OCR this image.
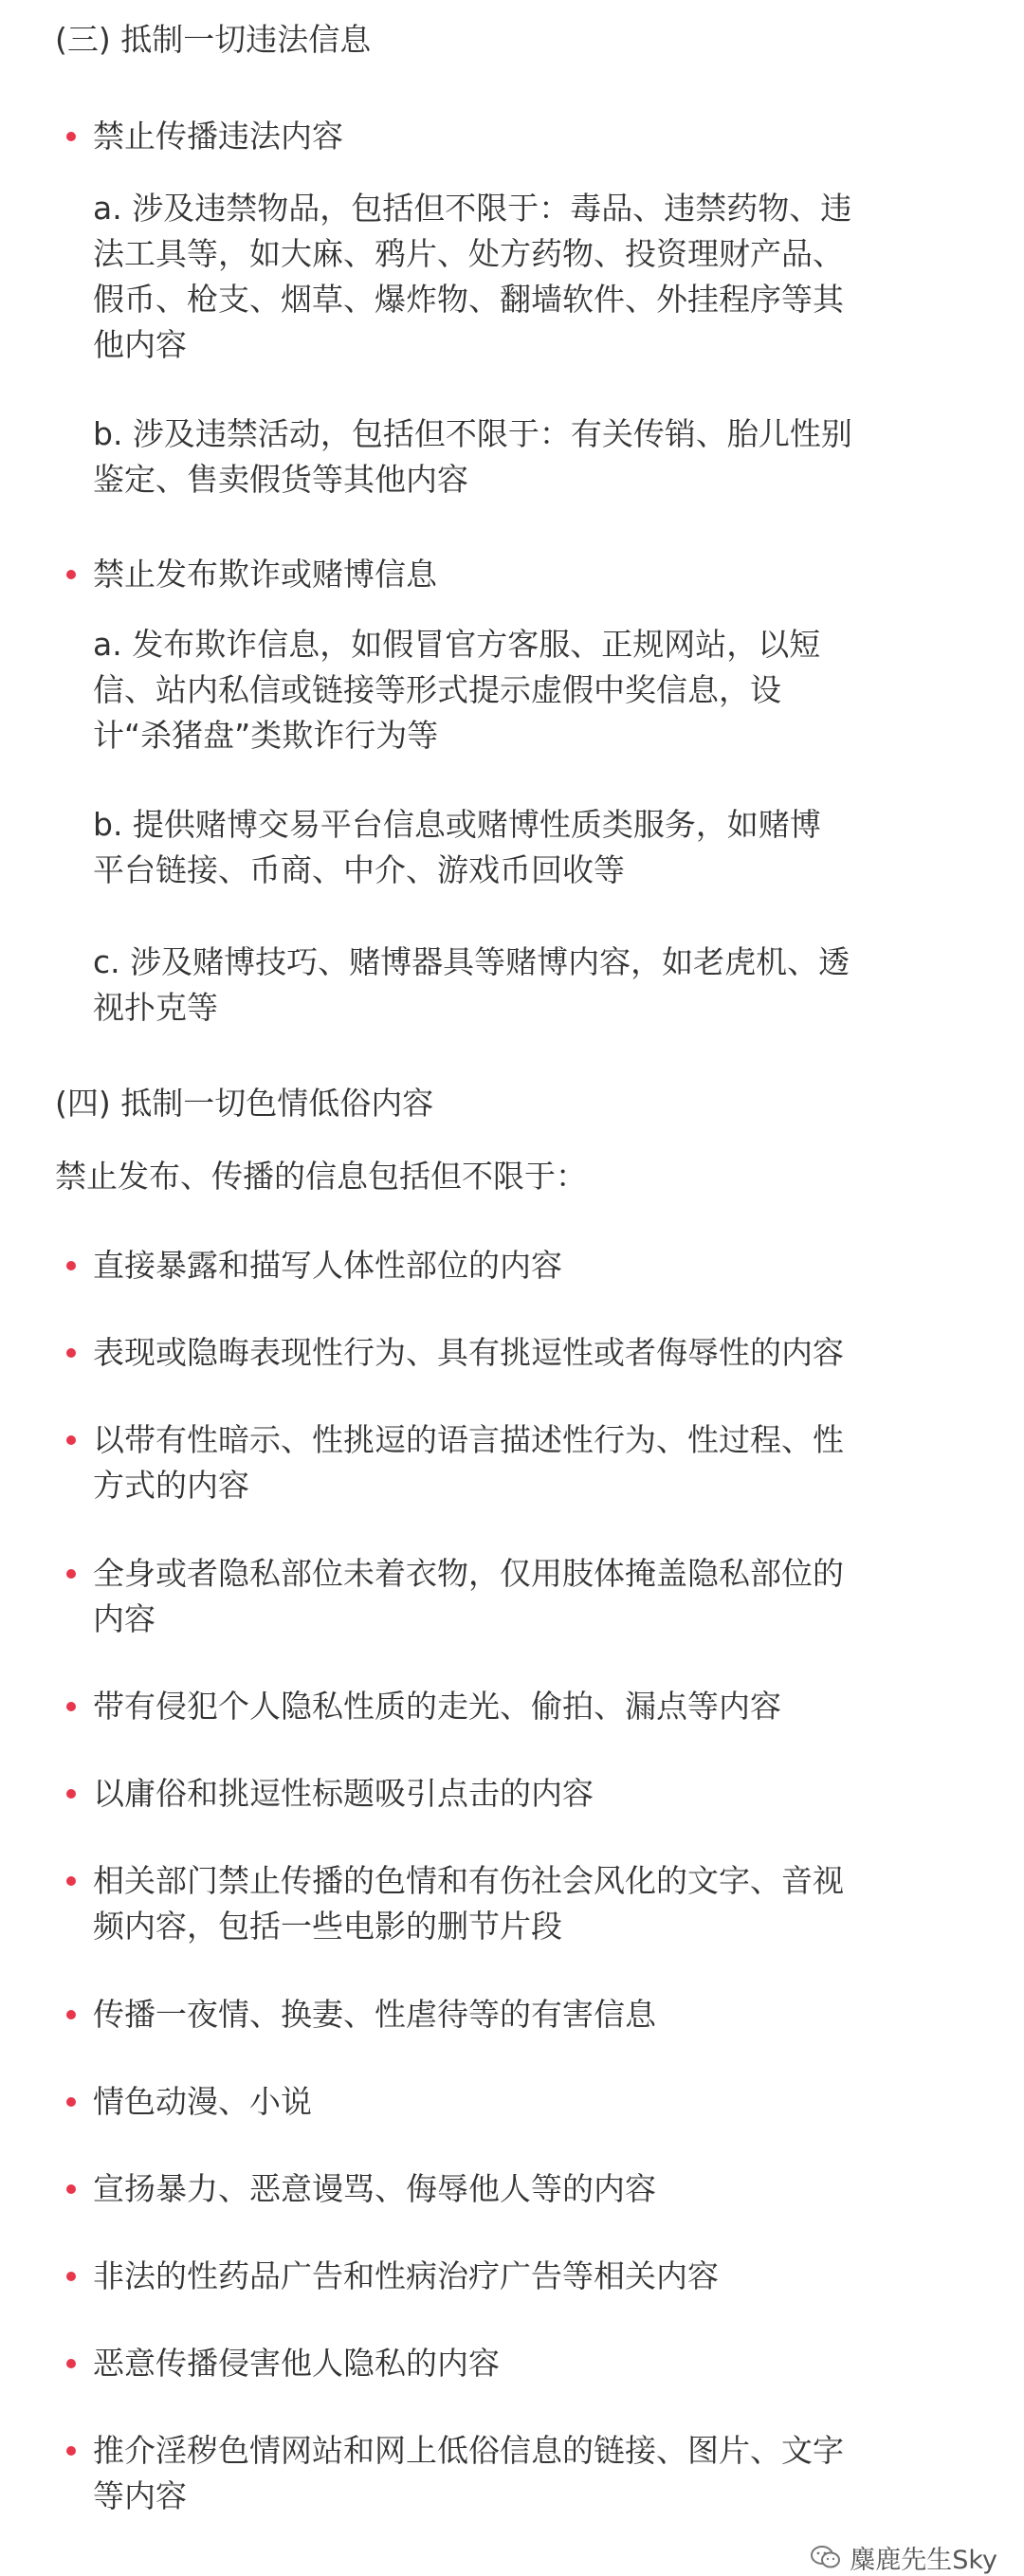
(三) 抵制一切违法信息
禁止传播违法内容
a. 涉及违禁物品，包括但不限于：毒品、违禁药物、违
法工具等，如大麻、鸦片、处方药物、投资理财产品、
假币、枪支、烟草、爆炸物、翻墙软件、外挂程序等其
他内容
b. 涉及违禁活动，包括但不限于：有关传销、胎儿性别
鉴定、售卖假货等其他内容
禁止发布欺诈或赌博信息
a. 发布欺诈信息，如假冒官方客服、正规网站，以短
信、站内私信或链接等形式提示虚假中奖信息，设
计“杀猪盘”类欺诈行为等
b. 提供赌博交易平台信息或赌博性质类服务，如赌博
平台链接、币商、中介、游戏币回收等
c. 涉及赌博技巧、赌博器具等赌博内容，如老虎机、透
视扑克等
(四) 抵制一切色情低俗内容
禁止发布、传播的信息包括但不限于：
直接暴露和描写人体性部位的内容
表现或隐晦表现性行为、具有挑逗性或者侮辱性的内容
以带有性暗示、性挑逗的语言描述性行为、性过程、性
方式的内容
全身或者隐私部位未着衣物，仅用肢体掩盖隐私部位的
内容
带有侵犯个人隐私性质的走光、偷拍、漏点等内容
以庸俗和挑逗性标题吸引点击的内容
相关部门禁止传播的色情和有伤社会风化的文字、音视
频内容，包括一些电影的删节片段
传播一夜情、换妻、性虐待等的有害信息
情色动漫、小说
宣扬暴力、恶意谩骂、侮辱他人等的内容
非法的性药品广告和性病治疗广告等相关内容
恶意传播侵害他人隐私的内容
推介淫秽色情网站和网上低俗信息的链接、图片、文字
等内容
麋鹿先生Sky
